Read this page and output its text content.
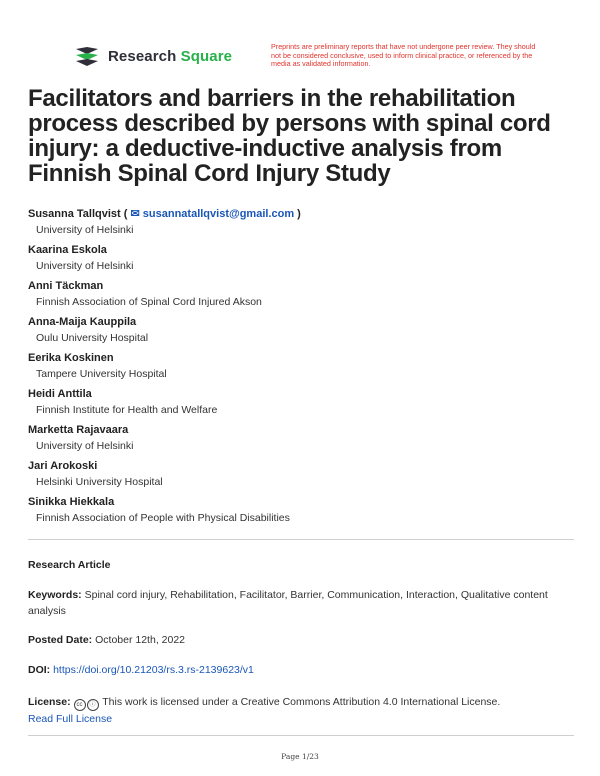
Research Square
Preprints are preliminary reports that have not undergone peer review. They should not be considered conclusive, used to inform clinical practice, or referenced by the media as validated information.
Facilitators and barriers in the rehabilitation process described by persons with spinal cord injury: a deductive-inductive analysis from Finnish Spinal Cord Injury Study
Susanna Tallqvist ( ✉ susannatallqvist@gmail.com )
University of Helsinki
Kaarina Eskola
University of Helsinki
Anni Täckman
Finnish Association of Spinal Cord Injured Akson
Anna-Maija Kauppila
Oulu University Hospital
Eerika Koskinen
Tampere University Hospital
Heidi Anttila
Finnish Institute for Health and Welfare
Marketta Rajavaara
University of Helsinki
Jari Arokoski
Helsinki University Hospital
Sinikka Hiekkala
Finnish Association of People with Physical Disabilities
Research Article
Keywords: Spinal cord injury, Rehabilitation, Facilitator, Barrier, Communication, Interaction, Qualitative content analysis
Posted Date: October 12th, 2022
DOI: https://doi.org/10.21203/rs.3.rs-2139623/v1
License: cc ⓘ This work is licensed under a Creative Commons Attribution 4.0 International License.
Read Full License
Page 1/23
